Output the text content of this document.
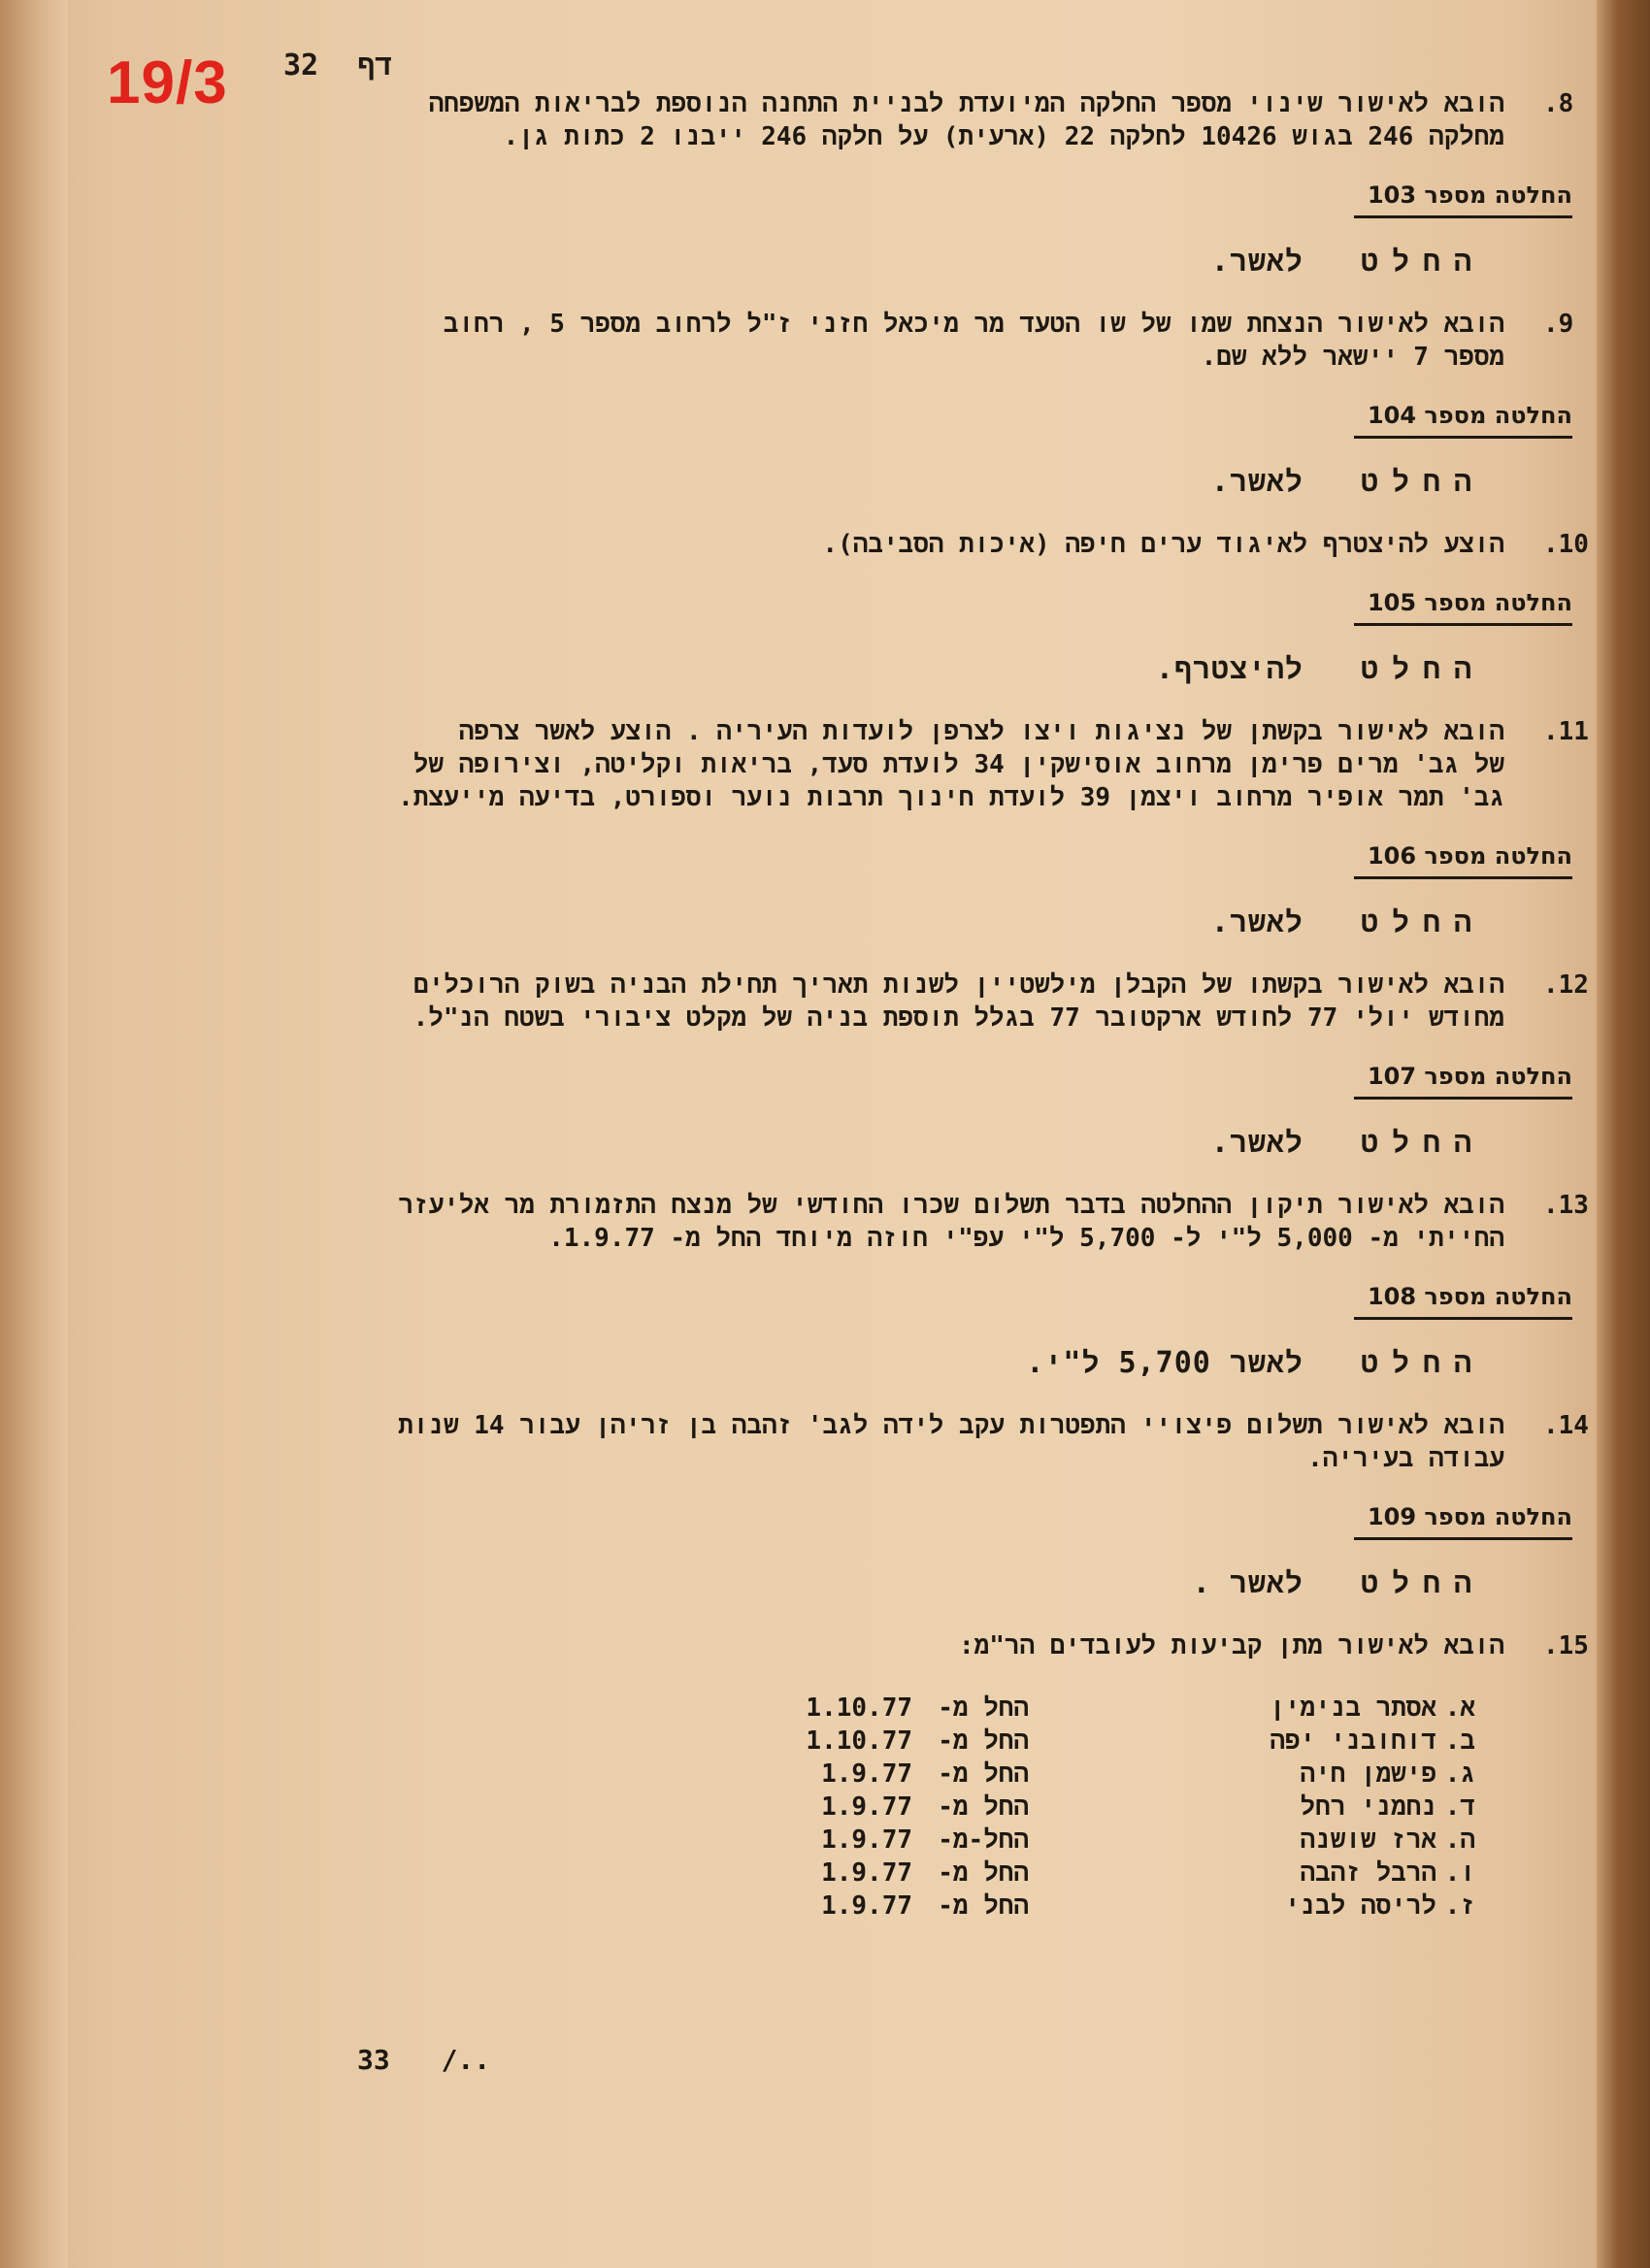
19/3	דף 32
.8
הובא לאישור שינוי מספר החלקה המיועדת לבניית התחנה הנוספת לבריאות המשפחה
מחלקה 246 בגוש 10426 לחלקה 22 (ארעית) על חלקה 246 ייבנו 2 כתות גן.
החלטה מספר 103
החלט לאשר.
.9
הובא לאישור הנצחת שמו של שו הטעד מר מיכאל חזני ז"ל לרחוב מספר 5 , רחוב
מספר 7 יישאר ללא שם.
החלטה מספר 104
החלט לאשר.
.10
הוצע להיצטרף לאיגוד ערים חיפה (איכות הסביבה).
החלטה מספר 105
החלט להיצטרף.
.11
הובא לאישור בקשתן של נציגות ויצו לצרפן לועדות העיריה . הוצע לאשר צרפה
של גב' מרים פרימן מרחוב אוסישקין 34 לועדת סעד, בריאות וקליטה, וצירופה של
גב' תמר אופיר מרחוב ויצמן 39 לועדת חינוך תרבות נוער וספורט, בדיעה מייעצת.
החלטה מספר 106
החלט לאשר.
.12
הובא לאישור בקשתו של הקבלן מילשטיין לשנות תאריך תחילת הבניה בשוק הרוכלים
מחודש יולי 77 לחודש ארקטובר 77 בגלל תוספת בניה של מקלט ציבורי בשטח הנ"ל.
החלטה מספר 107
החלט לאשר.
.13
הובא לאישור תיקון ההחלטה בדבר תשלום שכרו החודשי של מנצח התזמורת מר אליעזר
החייתי מ- 5,000 ל"י ל- 5,700 ל"י עפ"י חוזה מיוחד החל מ- 1.9.77.
החלטה מספר 108
החלט לאשר 5,700 ל"י.
.14
הובא לאישור תשלום פיצויי התפטרות עקב לידה לגב' זהבה בן זריהן עבור 14 שנות
עבודה בעיריה.
החלטה מספר 109
החלט לאשר .
.15
הובא לאישור מתן קביעות לעובדים הר"מ:
א.
אסתר בנימין
החל מ-
1.10.77
ב.
דוחובני יפה
החל מ-
1.10.77
ג.
פישמן חיה
החל מ-
1.9.77
ד.
נחמני רחל
החל מ-
1.9.77
ה.
ארז שושנה
החל-מ-
1.9.77
ו.
הרבל זהבה
החל מ-
1.9.77
ז.
לריסה לבני
החל מ-
1.9.77
33 /..
